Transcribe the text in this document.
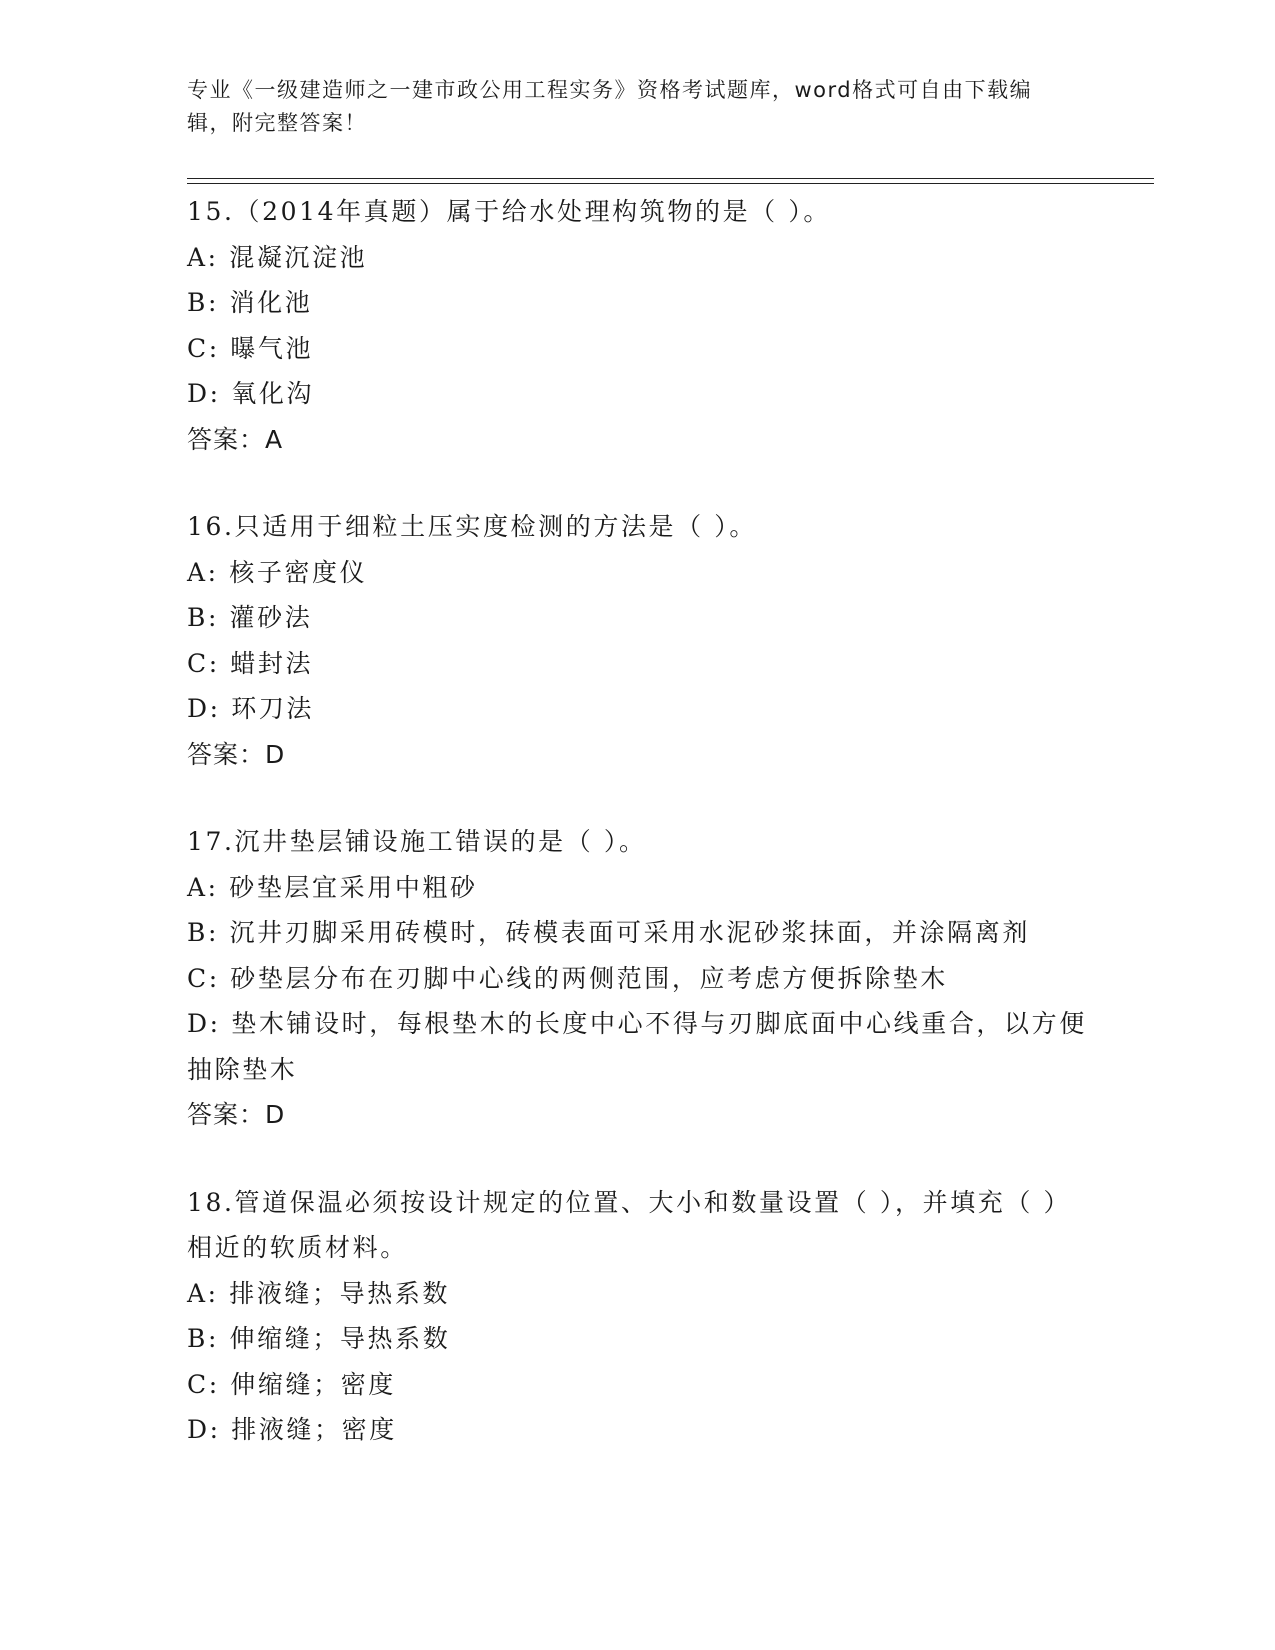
专业《一级建造师之一建市政公用工程实务》资格考试题库，word格式可自由下载编辑，附完整答案！
15.（2014年真题）属于给水处理构筑物的是（ ）。
A: 混凝沉淀池
B: 消化池
C: 曝气池
D: 氧化沟
答案：A
16.只适用于细粒土压实度检测的方法是（ ）。
A: 核子密度仪
B: 灌砂法
C: 蜡封法
D: 环刀法
答案：D
17.沉井垫层铺设施工错误的是（ ）。
A: 砂垫层宜采用中粗砂
B: 沉井刃脚采用砖模时，砖模表面可采用水泥砂浆抹面，并涂隔离剂
C: 砂垫层分布在刃脚中心线的两侧范围，应考虑方便拆除垫木
D: 垫木铺设时，每根垫木的长度中心不得与刃脚底面中心线重合，以方便抽除垫木
答案：D
18.管道保温必须按设计规定的位置、大小和数量设置（ ），并填充（ ）相近的软质材料。
A: 排液缝；导热系数
B: 伸缩缝；导热系数
C: 伸缩缝；密度
D: 排液缝；密度
